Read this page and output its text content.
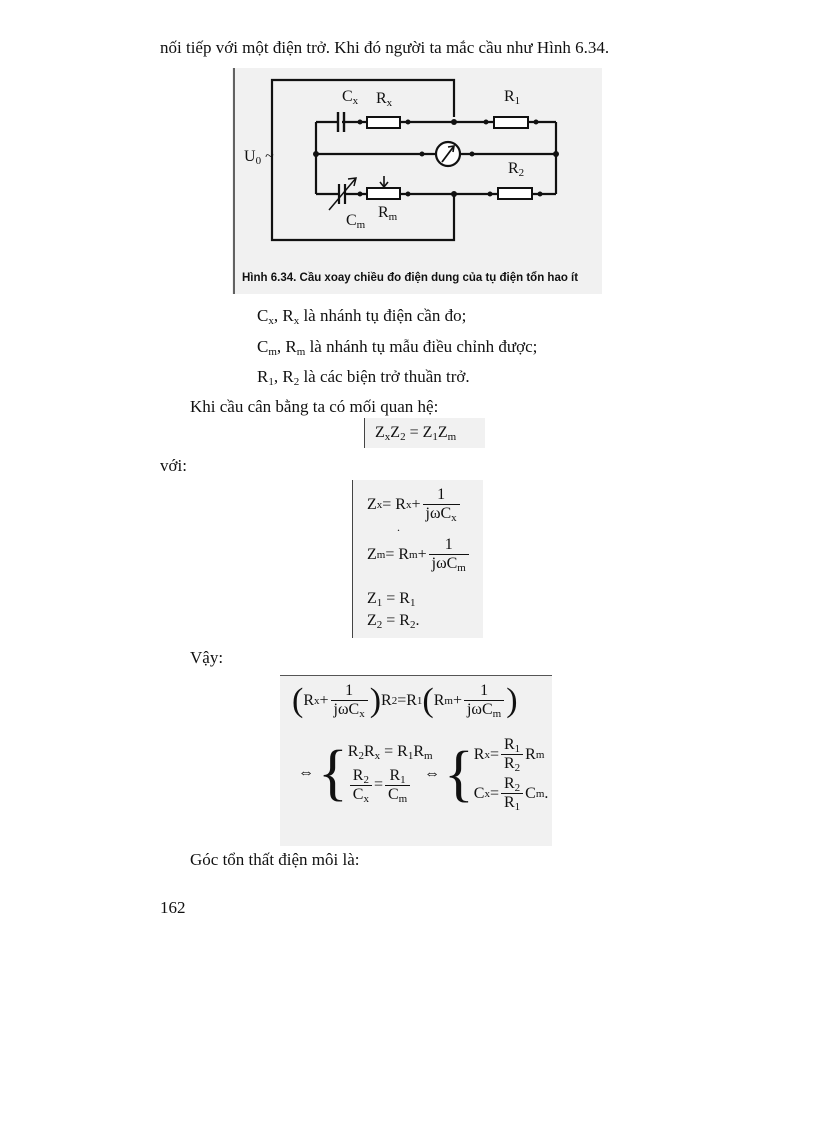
nối tiếp với một điện trở. Khi đó người ta mắc cầu như Hình 6.34.
$U_0$ ~
$C_x$ $R_x$	$R_1$
$R_2$
$C_m$
$R_m$
Hình 6.34. Cầu xoay chiều đo điện dung của tụ điện tổn hao ít
$C_x$, $R_x$ là nhánh tụ điện cần đo;
$C_m$, $R_m$ là nhánh tụ mẫu điều chỉnh được;
$R_1$, $R_2$ là các biện trở thuần trở.
Khi cầu cân bằng ta có mối quan hệ:
$Z_xZ_2 = Z_1Z_m$
với:
Z x = R $x + \frac{1}{j\omega C_x}$
.
Z m = R $m + \frac{1}{j\omega C_m}$
$Z_1 = R_1$
$Z_2 = R_2$.
Vậy:
( R $x + \frac{1}{j\omega C_x}$ ) R 2 = R 1 ( R $m + \frac{1}{j\omega C_m}$ )
⇔ { $R_2R_x = R_1R_m$
$\frac{R_2}{C_x} = \frac{R_1}{C_m}$ ⇔ { R $x = \frac{R_1}{R_2}$ R m
C $x = \frac{R_2}{R_1}$ C m .
Góc tổn thất điện môi là:
162
